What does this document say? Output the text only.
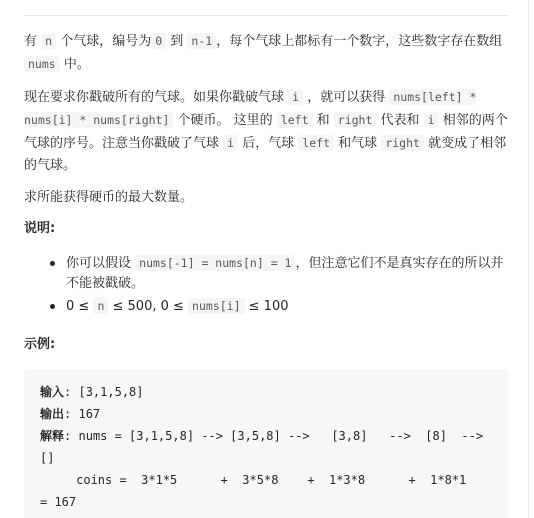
有 n 个气球，编号为 0 到 n-1 ，每个气球上都标有一个数字，这些数字存在数组 nums 中。

现在要求你戳破所有的气球。如果你戳破气球 i ，就可以获得 nums[left] * nums[i] * nums[right] 个硬币。 这里的 left 和 right 代表和 i 相邻的两个气球的序号。注意当你戳破了气球 i 后，气球 left 和气球 right 就变成了相邻的气球。

求所能获得硬币的最大数量。

说明:
你可以假设 nums[-1] = nums[n] = 1 ，但注意它们不是真实存在的所以并不能被戳破。
0 ≤ n ≤ 500, 0 ≤ nums[i] ≤ 100
示例:
输入: [3,1,5,8]
输出: 167
解释: nums = [3,1,5,8] --> [3,5,8] -->   [3,8]   -->  [8]  --> []
coins =  3*1*5      +  3*5*8    +  1*3*8      +  1*8*1   = 167
